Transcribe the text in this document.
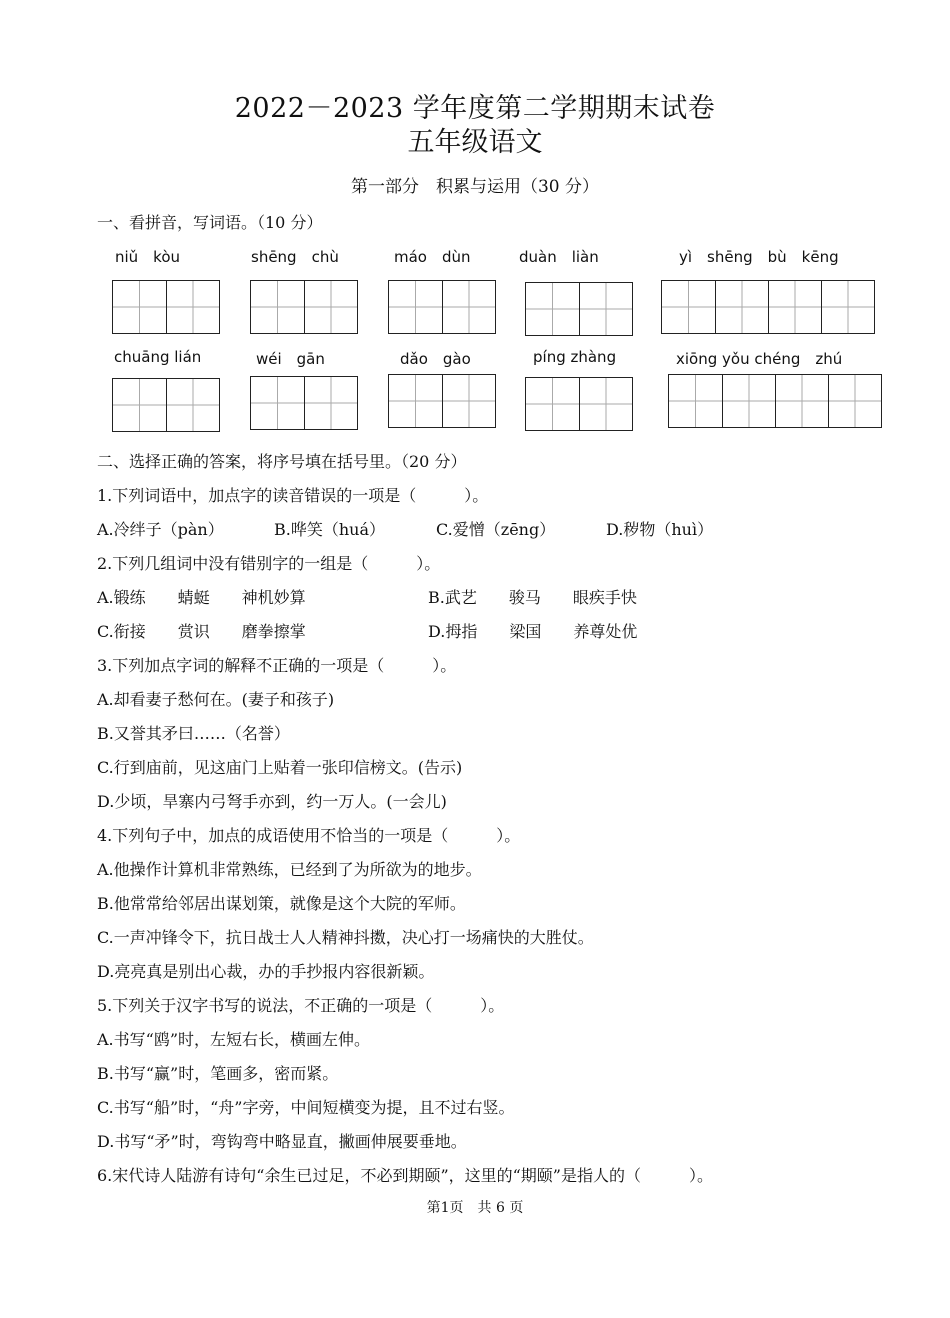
2022－2023 学年度第二学期期末试卷
五年级语文
第一部分　积累与运用（30 分）
一、看拼音，写词语。（10 分）
niǔ　kòu	shēng　chù	máo　dùn	duàn　liàn	yì　shēng　bù　kēng
chuāng lián	wéi　gān	dǎo　gào	píng zhàng	xiōng yǒu chéng　zhú
二、选择正确的答案，将序号填在括号里。（20 分）
1.下列词语中，加点字的读音错误的一项是（　　　）。
A.冷绊子（pàn）	B.哗笑（huá）	C.爱憎（zēng）	D.秽物（huì）
2.下列几组词中没有错别字的一组是（　　　）。
A.锻练　　蜻蜓　　神机妙算	B.武艺　　骏马　　眼疾手快
C.衔接　　赏识　　磨拳擦掌	D.拇指　　梁国　　养尊处优
3.下列加点字词的解释不正确的一项是（　　　）。
A.却看妻子愁何在。(妻子和孩子)
B.又誉其矛曰……（名誉）
C.行到庙前，见这庙门上贴着一张印信榜文。(告示)
D.少顷，旱寨内弓弩手亦到，约一万人。(一会儿)
4.下列句子中，加点的成语使用不恰当的一项是（　　　）。
A.他操作计算机非常熟练，已经到了为所欲为的地步。
B.他常常给邻居出谋划策，就像是这个大院的军师。
C.一声冲锋令下，抗日战士人人精神抖擞，决心打一场痛快的大胜仗。
D.亮亮真是别出心裁，办的手抄报内容很新颖。
5.下列关于汉字书写的说法，不正确的一项是（　　　）。
A.书写“鸥”时，左短右长，横画左伸。
B.书写“赢”时，笔画多，密而紧。
C.书写“船”时，“舟”字旁，中间短横变为提，且不过右竖。
D.书写“矛”时，弯钩弯中略显直，撇画伸展要垂地。
6.宋代诗人陆游有诗句“余生已过足，不必到期颐”，这里的“期颐”是指人的（　　　）。
第1页　共 6 页
